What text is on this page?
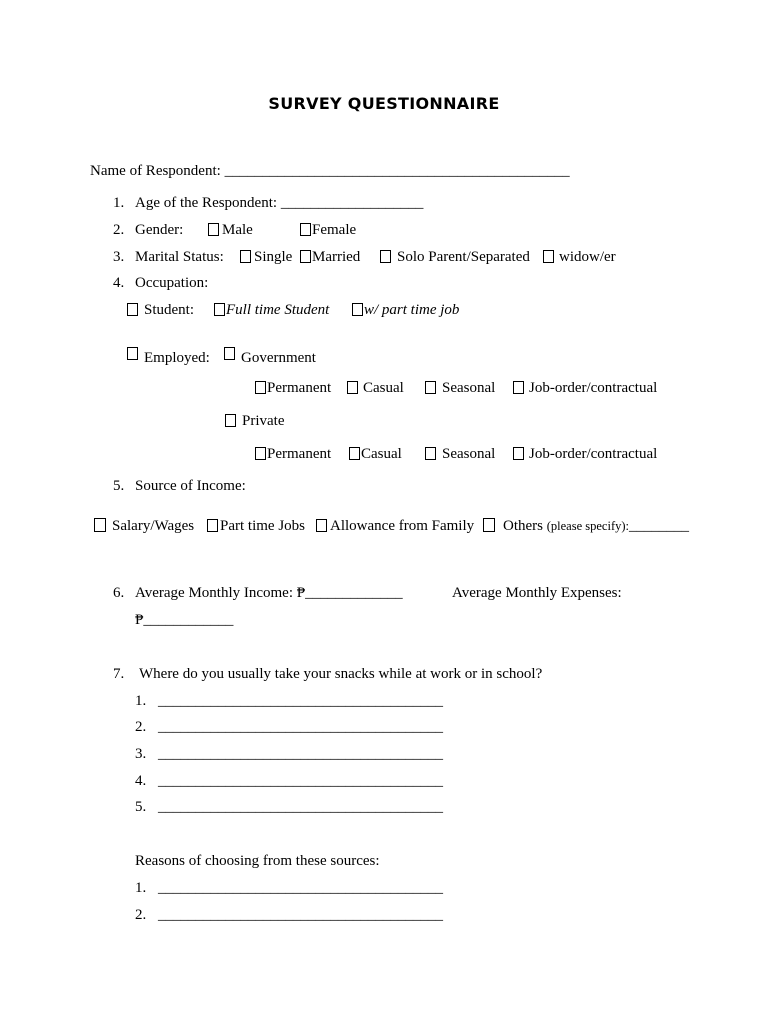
SURVEY QUESTIONNAIRE
Name of Respondent: ______________________________________________
1. Age of the Respondent: ___________________
2. Gender:	Male	Female
3. Marital Status:	Single	Married	Solo Parent/Separated	widow/er
4. Occupation:
Student:	Full time Student	w/ part time job
Employed:	Government
Permanent	Casual	Seasonal	Job-order/contractual
Private
Permanent	Casual	Seasonal	Job-order/contractual
5. Source of Income:
Salary/Wages	Part time Jobs	Allowance from Family	Others (please specify):________
6. Average Monthly Income: ₱_____________	Average Monthly Expenses:
₱____________
7. Where do you usually take your snacks while at work or in school?
1. ______________________________________
2. ______________________________________
3. ______________________________________
4. ______________________________________
5. ______________________________________
Reasons of choosing from these sources:
1. ______________________________________
2. ______________________________________
